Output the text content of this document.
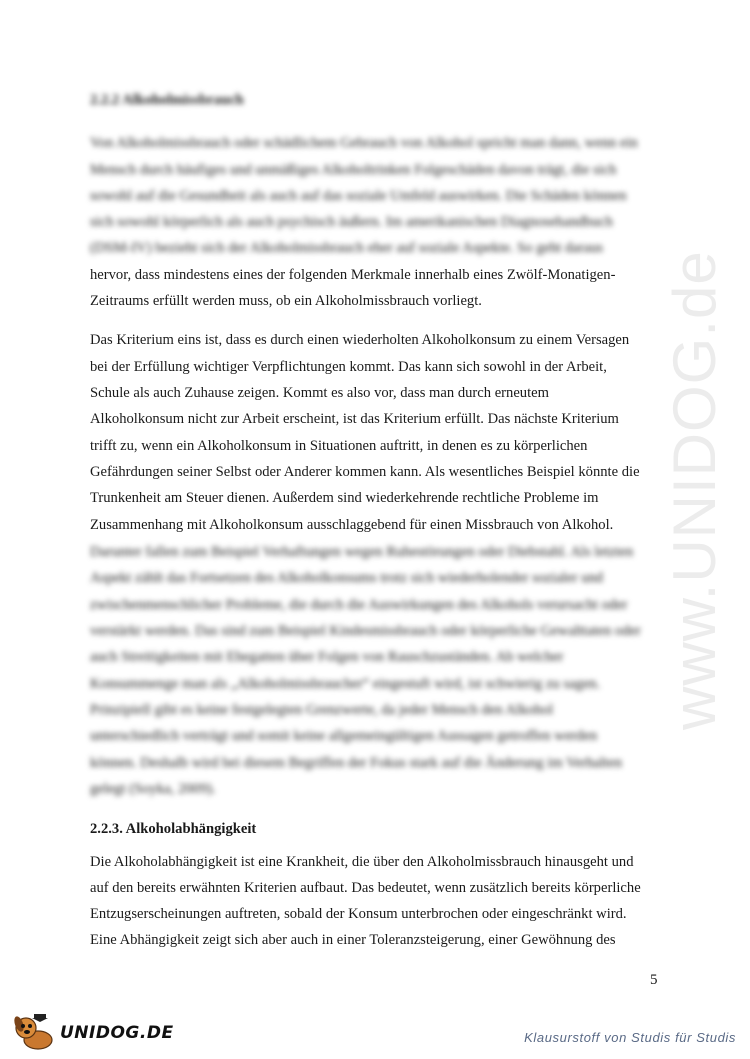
www.UNIDOG.de
2.2.2 Alkoholmissbrauch
Von Alkoholmissbrauch oder schädlichem Gebrauch von Alkohol spricht man dann, wenn ein
Mensch durch häufiges und unmäßiges Alkoholtrinken Folgeschäden davon trägt, die sich
sowohl auf die Gesundheit als auch auf das soziale Umfeld auswirken. Die Schäden können
sich sowohl körperlich als auch psychisch äußern. Im amerikanischen Diagnosehandbuch
(DSM-IV) bezieht sich der Alkoholmissbrauch eher auf soziale Aspekte. So geht daraus
hervor, dass mindestens eines der folgenden Merkmale innerhalb eines Zwölf-Monatigen-
Zeitraums erfüllt werden muss, ob ein Alkoholmissbrauch vorliegt.
Das Kriterium eins ist, dass es durch einen wiederholten Alkoholkonsum zu einem Versagen
bei der Erfüllung wichtiger Verpflichtungen kommt. Das kann sich sowohl in der Arbeit,
Schule als auch Zuhause zeigen. Kommt es also vor, dass man durch erneutem
Alkoholkonsum nicht zur Arbeit erscheint, ist das Kriterium erfüllt. Das nächste Kriterium
trifft zu, wenn ein Alkoholkonsum in Situationen auftritt, in denen es zu körperlichen
Gefährdungen seiner Selbst oder Anderer kommen kann. Als wesentliches Beispiel könnte die
Trunkenheit am Steuer dienen. Außerdem sind wiederkehrende rechtliche Probleme im
Zusammenhang mit Alkoholkonsum ausschlaggebend für einen Missbrauch von Alkohol.
Darunter fallen zum Beispiel Verhaftungen wegen Ruhestörungen oder Diebstahl. Als letzten
Aspekt zählt das Fortsetzen des Alkoholkonsums trotz sich wiederholender sozialer und
zwischenmenschlicher Probleme, die durch die Auswirkungen des Alkohols verursacht oder
verstärkt werden. Das sind zum Beispiel Kindesmissbrauch oder körperliche Gewalttaten oder
auch Streitigkeiten mit Ehegatten über Folgen von Rauschzuständen. Ab welcher
Konsummenge man als „Alkoholmissbraucher“ eingestuft wird, ist schwierig zu sagen.
Prinzipiell gibt es keine festgelegten Grenzwerte, da jeder Mensch den Alkohol
unterschiedlich verträgt und somit keine allgemeingültigen Aussagen getroffen werden
können. Deshalb wird bei diesem Begriffen der Fokus stark auf die Änderung im Verhalten
gelegt (Soyka, 2009).
2.2.3. Alkoholabhängigkeit
Die Alkoholabhängigkeit ist eine Krankheit, die über den Alkoholmissbrauch hinausgeht und
auf den bereits erwähnten Kriterien aufbaut. Das bedeutet, wenn zusätzlich bereits körperliche
Entzugserscheinungen auftreten, sobald der Konsum unterbrochen oder eingeschränkt wird.
Eine Abhängigkeit zeigt sich aber auch in einer Toleranzsteigerung, einer Gewöhnung des
5
UNIDOG.DE	Klausurstoff von Studis für Studis
